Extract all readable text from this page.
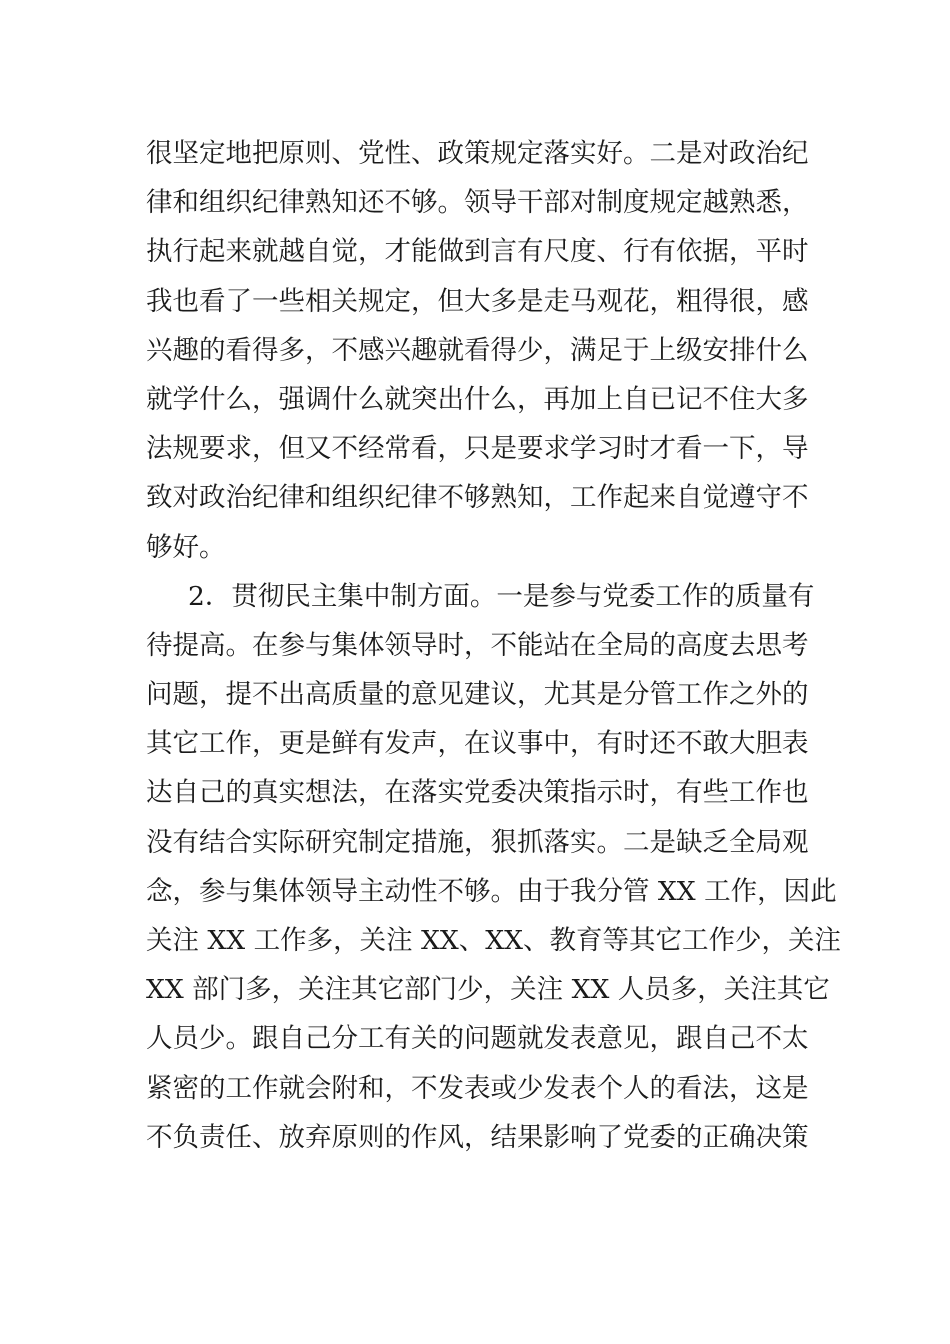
很坚定地把原则、党性、政策规定落实好。二是对政治纪
律和组织纪律熟知还不够。领导干部对制度规定越熟悉，
执行起来就越自觉，才能做到言有尺度、行有依据，平时
我也看了一些相关规定，但大多是走马观花，粗得很，感
兴趣的看得多，不感兴趣就看得少，满足于上级安排什么
就学什么，强调什么就突出什么，再加上自已记不住大多
法规要求，但又不经常看，只是要求学习时才看一下，导
致对政治纪律和组织纪律不够熟知，工作起来自觉遵守不
够好。
2．贯彻民主集中制方面。一是参与党委工作的质量有
待提高。在参与集体领导时，不能站在全局的高度去思考
问题，提不出高质量的意见建议，尤其是分管工作之外的
其它工作，更是鲜有发声，在议事中，有时还不敢大胆表
达自己的真实想法，在落实党委决策指示时，有些工作也
没有结合实际研究制定措施，狠抓落实。二是缺乏全局观
念，参与集体领导主动性不够。由于我分管 XX 工作，因此
关注 XX 工作多，关注 XX、XX、教育等其它工作少，关注
XX 部门多，关注其它部门少，关注 XX 人员多，关注其它
人员少。跟自己分工有关的问题就发表意见，跟自己不太
紧密的工作就会附和，不发表或少发表个人的看法，这是
不负责任、放弃原则的作风，结果影响了党委的正确决策
